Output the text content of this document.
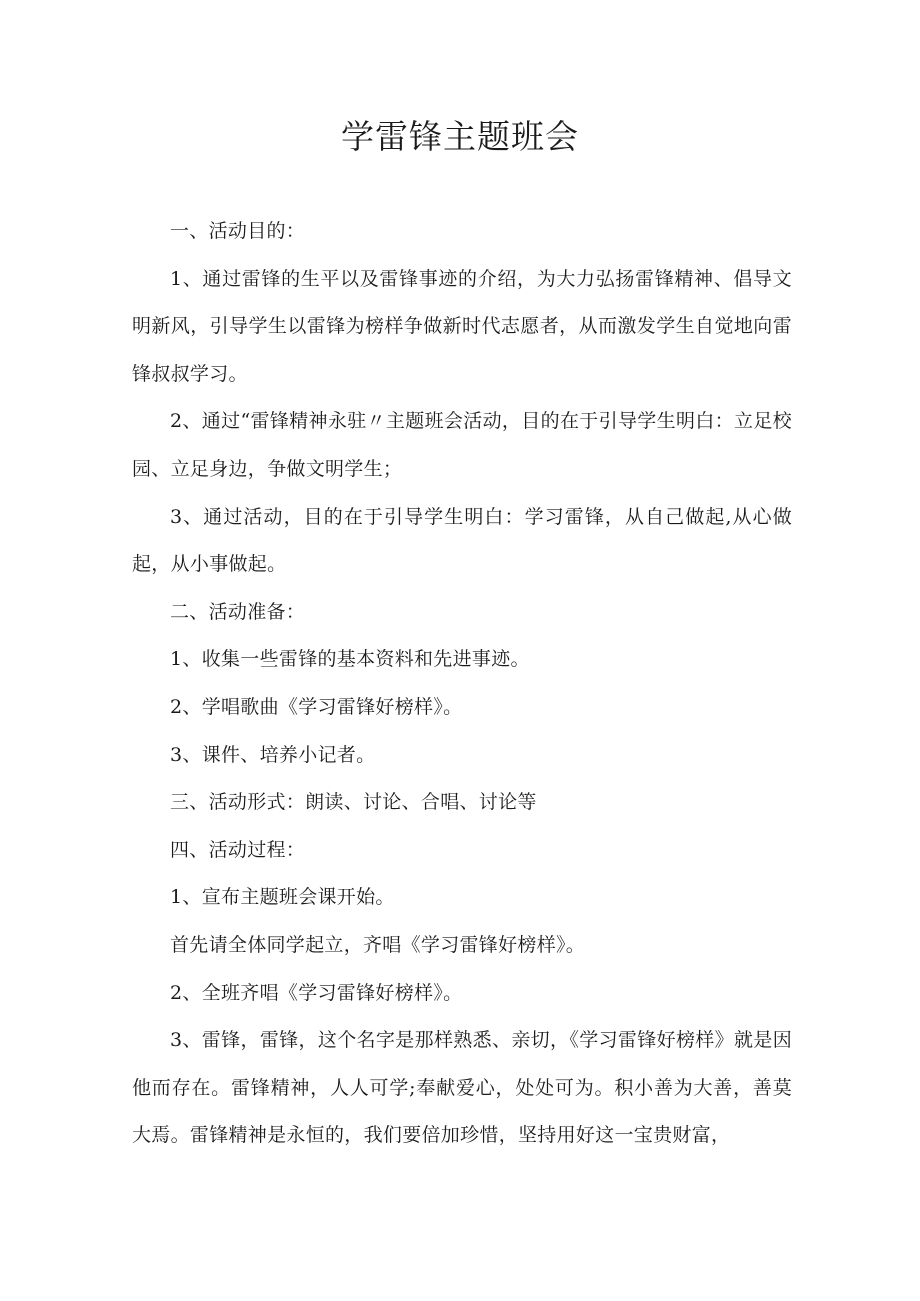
学雷锋主题班会

一、活动目的：

1、通过雷锋的生平以及雷锋事迹的介绍，为大力弘扬雷锋精神、倡导文明新风，引导学生以雷锋为榜样争做新时代志愿者，从而激发学生自觉地向雷锋叔叔学习。

2、通过“雷锋精神永驻〃主题班会活动，目的在于引导学生明白：立足校园、立足身边，争做文明学生；

3、通过活动，目的在于引导学生明白：学习雷锋，从自己做起,从心做起，从小事做起。

二、活动准备：

1、收集一些雷锋的基本资料和先进事迹。

2、学唱歌曲《学习雷锋好榜样》。

3、课件、培养小记者。

三、活动形式：朗读、讨论、合唱、讨论等

四、活动过程：

1、宣布主题班会课开始。

首先请全体同学起立，齐唱《学习雷锋好榜样》。

2、全班齐唱《学习雷锋好榜样》。

3、雷锋，雷锋，这个名字是那样熟悉、亲切，《学习雷锋好榜样》就是因他而存在。雷锋精神，人人可学;奉献爱心，处处可为。积小善为大善，善莫大焉。雷锋精神是永恒的，我们要倍加珍惜，坚持用好这一宝贵财富，
